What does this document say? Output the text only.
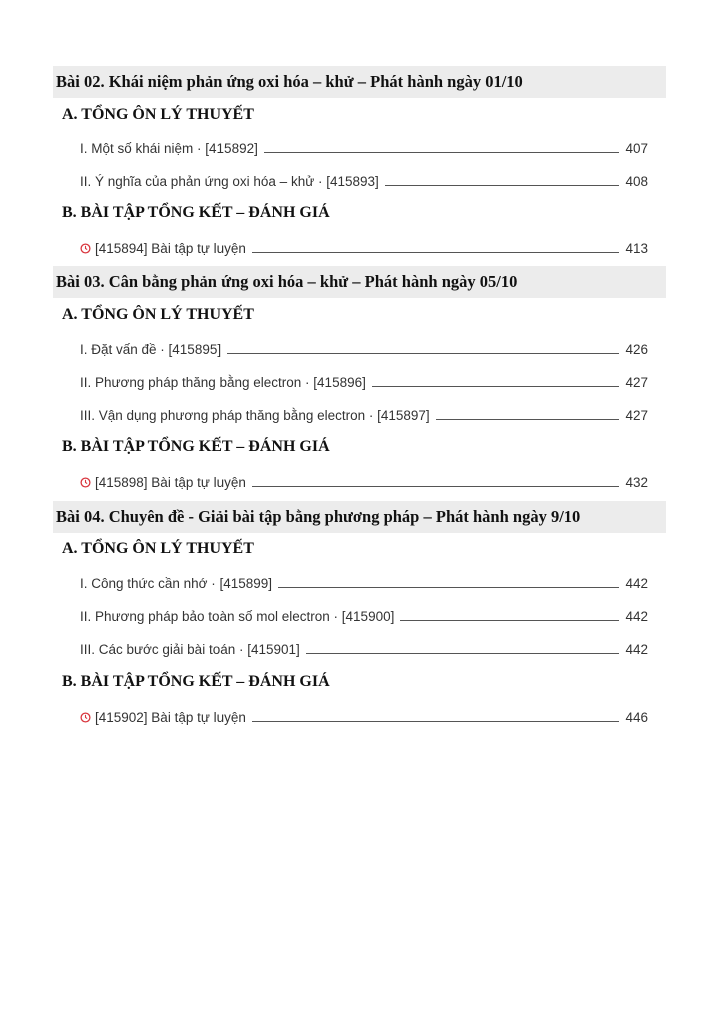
Bài 02. Khái niệm phản ứng oxi hóa – khử – Phát hành ngày 01/10
A. TỔNG ÔN LÝ THUYẾT
I. Một số khái niệm · [415892]	407
II. Ý nghĩa của phản ứng oxi hóa – khử · [415893]	408
B. BÀI TẬP TỔNG KẾT – ĐÁNH GIÁ
[415894] Bài tập tự luyện	413
Bài 03. Cân bằng phản ứng oxi hóa – khử – Phát hành ngày 05/10
A. TỔNG ÔN LÝ THUYẾT
I. Đặt vấn đề · [415895]	426
II. Phương pháp thăng bằng electron · [415896]	427
III. Vận dụng phương pháp thăng bằng electron · [415897]	427
B. BÀI TẬP TỔNG KẾT – ĐÁNH GIÁ
[415898] Bài tập tự luyện	432
Bài 04. Chuyên đề - Giải bài tập bằng phương pháp – Phát hành ngày 9/10
A. TỔNG ÔN LÝ THUYẾT
I. Công thức cần nhớ · [415899]	442
II. Phương pháp bảo toàn số mol electron · [415900]	442
III. Các bước giải bài toán · [415901]	442
B. BÀI TẬP TỔNG KẾT – ĐÁNH GIÁ
[415902] Bài tập tự luyện	446
